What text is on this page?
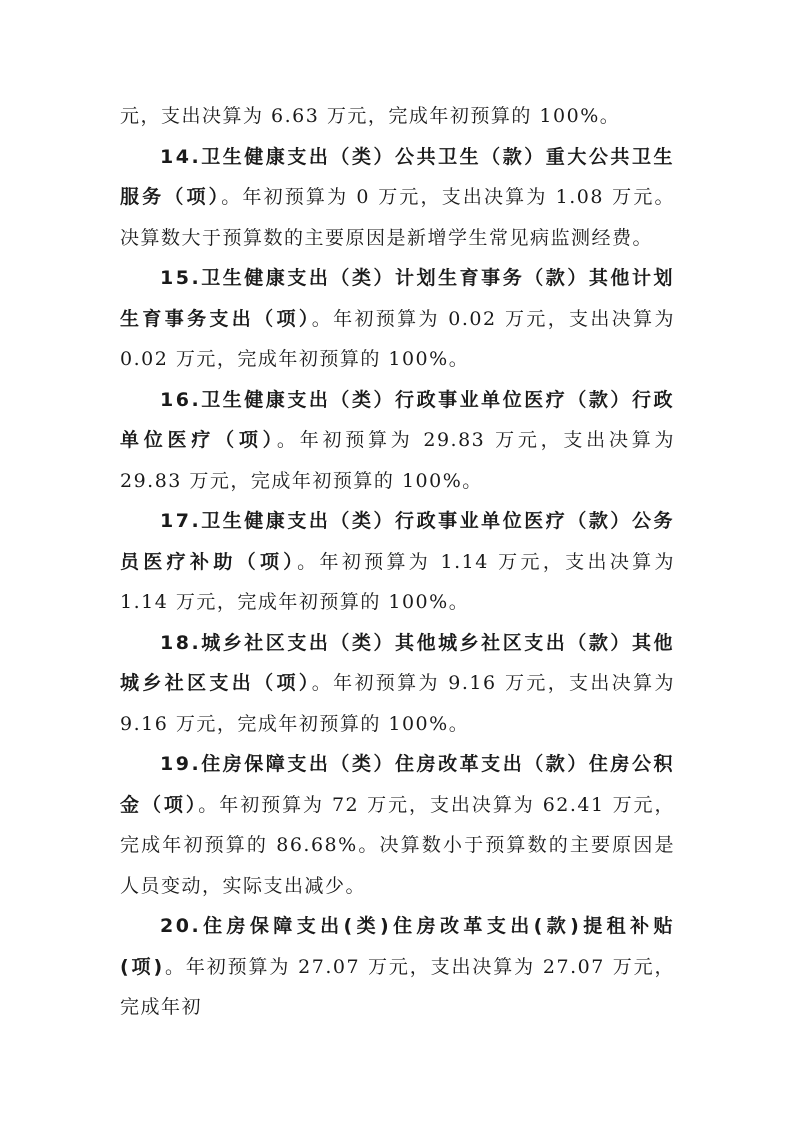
元，支出决算为 6.63 万元，完成年初预算的 100%。

14.卫生健康支出（类）公共卫生（款）重大公共卫生服务（项）。年初预算为 0 万元，支出决算为 1.08 万元。决算数大于预算数的主要原因是新增学生常见病监测经费。

15.卫生健康支出（类）计划生育事务（款）其他计划生育事务支出（项）。年初预算为 0.02 万元，支出决算为 0.02 万元，完成年初预算的 100%。

16.卫生健康支出（类）行政事业单位医疗（款）行政单位医疗（项）。年初预算为 29.83 万元，支出决算为 29.83 万元，完成年初预算的 100%。

17.卫生健康支出（类）行政事业单位医疗（款）公务员医疗补助（项）。年初预算为 1.14 万元，支出决算为 1.14 万元，完成年初预算的 100%。

18.城乡社区支出（类）其他城乡社区支出（款）其他城乡社区支出（项）。年初预算为 9.16 万元，支出决算为 9.16 万元，完成年初预算的 100%。

19.住房保障支出（类）住房改革支出（款）住房公积金（项）。年初预算为 72 万元，支出决算为 62.41 万元，完成年初预算的 86.68%。决算数小于预算数的主要原因是人员变动，实际支出减少。

20.住房保障支出(类)住房改革支出(款)提租补贴(项)。年初预算为 27.07 万元，支出决算为 27.07 万元，完成年初
